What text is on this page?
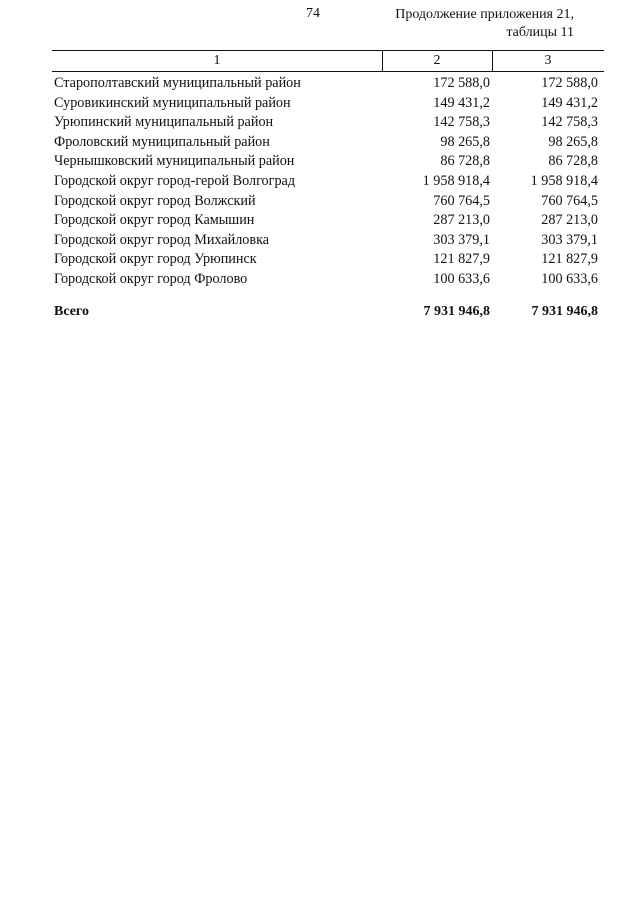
74	Продолжение приложения 21,
таблицы 11
1	2	3
Старополтавский муниципальный район	172 588,0	172 588,0
Суровикинский муниципальный район	149 431,2	149 431,2
Урюпинский муниципальный район	142 758,3	142 758,3
Фроловский муниципальный район	98 265,8	98 265,8
Чернышковский муниципальный район	86 728,8	86 728,8
Городской округ город-герой Волгоград	1 958 918,4	1 958 918,4
Городской округ город Волжский	760 764,5	760 764,5
Городской округ город Камышин	287 213,0	287 213,0
Городской округ город Михайловка	303 379,1	303 379,1
Городской округ город Урюпинск	121 827,9	121 827,9
Городской округ город Фролово	100 633,6	100 633,6
Всего	7 931 946,8	7 931 946,8
